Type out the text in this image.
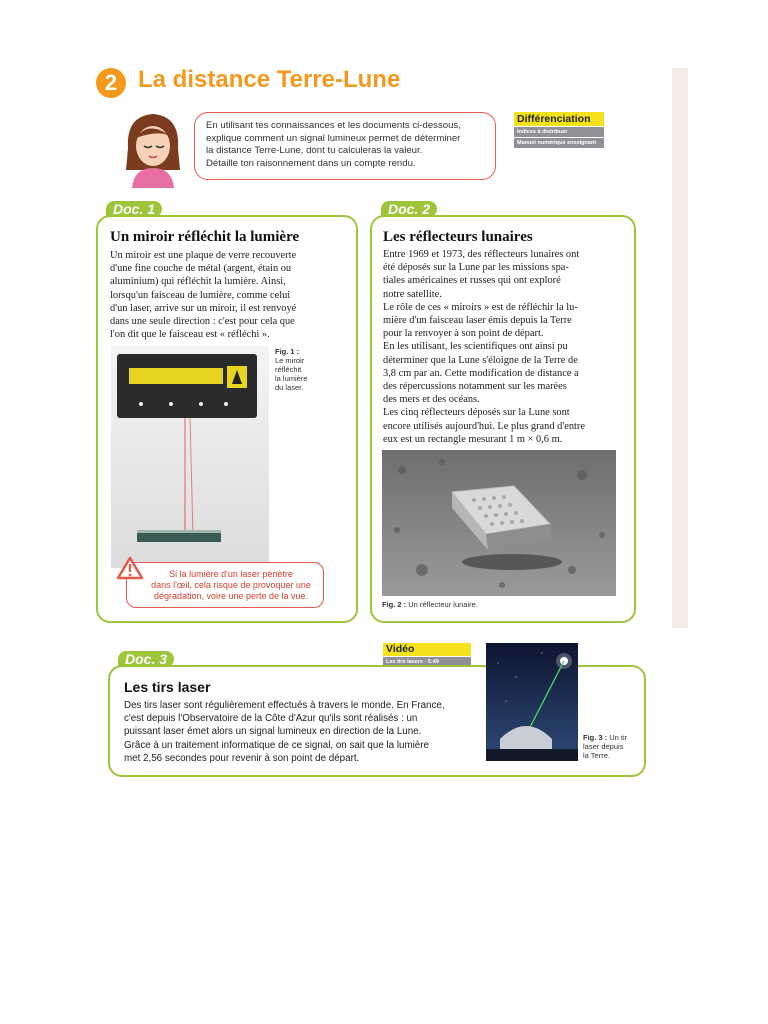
2 La distance Terre-Lune
En utilisant tes connaissances et les documents ci-dessous,
explique comment un signal lumineux permet de déterminer
la distance Terre-Lune, dont tu calculeras la valeur.
Détaille ton raisonnement dans un compte rendu.
Différenciation
Indices à distribuer
Manuel numérique enseignant
Doc. 1
Un miroir réfléchit la lumière
Un miroir est une plaque de verre recouverte
d'une fine couche de métal (argent, étain ou
aluminium) qui réfléchit la lumière. Ainsi,
lorsqu'un faisceau de lumière, comme celui
d'un laser, arrive sur un miroir, il est renvoyé
dans une seule direction : c'est pour cela que
l'on dit que le faisceau est « réfléchi ».
Fig. 1 :
Le miroir
réfléchit
la lumière
du laser.
Si la lumière d'un laser pénètre
dans l'œil, cela risque de provoquer une
dégradation, voire une perte de la vue.
Doc. 2
Les réflecteurs lunaires
Entre 1969 et 1973, des réflecteurs lunaires ont
été déposés sur la Lune par les missions spa-
tiales américaines et russes qui ont exploré
notre satellite.
Le rôle de ces « miroirs » est de réfléchir la lu-
mière d'un faisceau laser émis depuis la Terre
pour la renvoyer à son point de départ.
En les utilisant, les scientifiques ont ainsi pu
déterminer que la Lune s'éloigne de la Terre de
3,8 cm par an. Cette modification de distance a
des répercussions notamment sur les marées
des mers et des océans.
Les cinq réflecteurs déposés sur la Lune sont
encore utilisés aujourd'hui. Le plus grand d'entre
eux est un rectangle mesurant 1 m × 0,6 m.
Fig. 2 : Un réflecteur lunaire.
Vidéo
Les tirs lasers · 5:49
Doc. 3
Les tirs laser
Des tirs laser sont régulièrement effectués à travers le monde. En France,
c'est depuis l'Observatoire de la Côte d'Azur qu'ils sont réalisés : un
puissant laser émet alors un signal lumineux en direction de la Lune.
Grâce à un traitement informatique de ce signal, on sait que la lumière
met 2,56 secondes pour revenir à son point de départ.
Fig. 3 : Un tir
laser depuis
la Terre.
